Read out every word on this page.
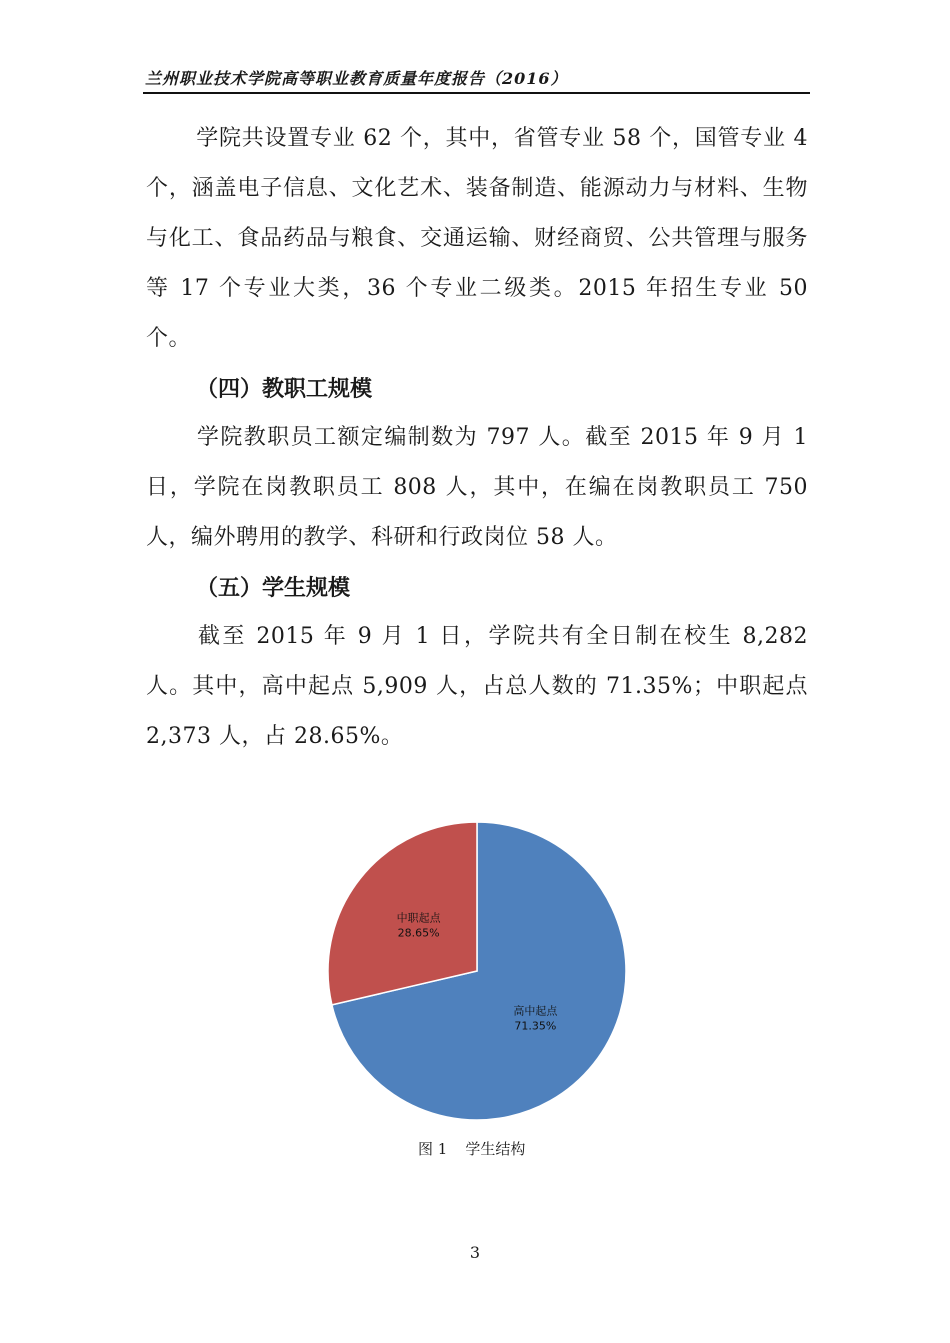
兰州职业技术学院高等职业教育质量年度报告（2016）

学院共设置专业 62 个，其中，省管专业 58 个，国管专业 4 个，涵盖电子信息、文化艺术、装备制造、能源动力与材料、生物与化工、食品药品与粮食、交通运输、财经商贸、公共管理与服务等 17 个专业大类，36 个专业二级类。2015 年招生专业 50 个。

（四）教职工规模

学院教职员工额定编制数为 797 人。截至 2015 年 9 月 1 日，学院在岗教职员工 808 人，其中，在编在岗教职员工 750 人，编外聘用的教学、科研和行政岗位 58 人。

（五）学生规模

截至 2015 年 9 月 1 日，学院共有全日制在校生 8,282 人。其中，高中起点 5,909 人，占总人数的 71.35%；中职起点 2,373 人，占 28.65%。

高中起点
71.35%
中职起点
28.65%
图 1 学生结构
3
